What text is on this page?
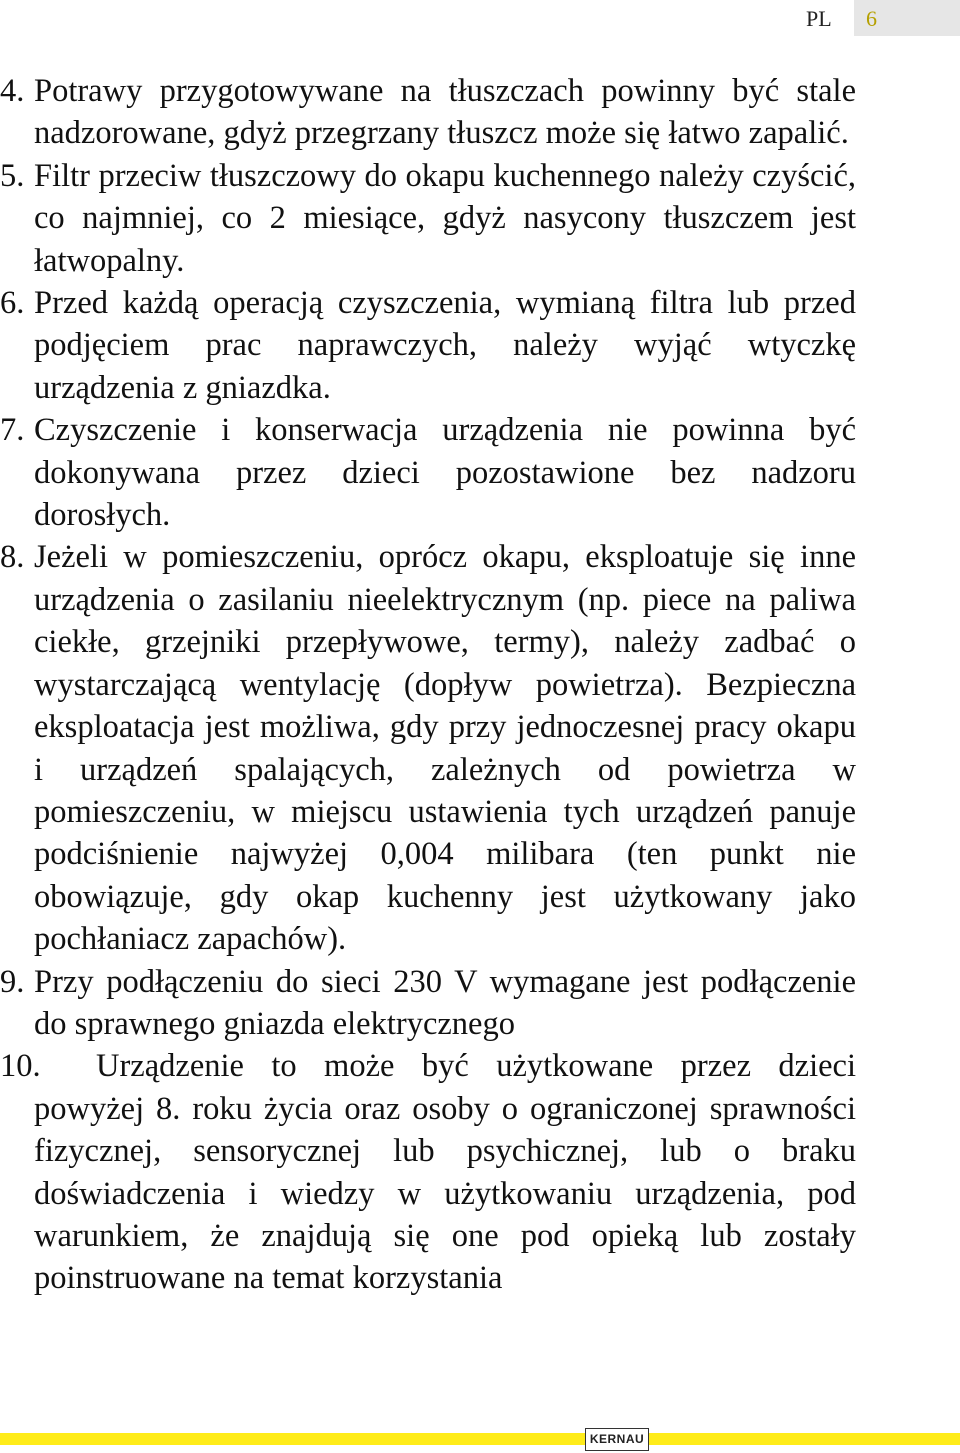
PL 6
4. Potrawy przygotowywane na tłuszczach powinny być stale nadzorowane, gdyż przegrzany tłuszcz może się łatwo zapalić.
5. Filtr przeciw tłuszczowy do okapu kuchennego należy czyścić, co najmniej, co 2 miesiące, gdyż nasycony tłuszczem jest łatwopalny.
6. Przed każdą operacją czyszczenia, wymianą filtra lub przed podjęciem prac naprawczych, należy wyjąć wtyczkę urządzenia z gniazdka.
7. Czyszczenie i konserwacja urządzenia nie powinna być dokonywana przez dzieci pozostawione bez nadzoru dorosłych.
8. Jeżeli w pomieszczeniu, oprócz okapu, eksploatuje się inne urządzenia o zasilaniu nieelektrycznym (np. piece na paliwa ciekłe, grzejniki przepływowe, termy), należy zadbać o wystarczającą wentylację (dopływ powietrza). Bezpieczna eksploatacja jest możliwa, gdy przy jednoczesnej pracy okapu i urządzeń spalających, zależnych od powietrza w pomieszczeniu, w miejscu ustawienia tych urządzeń panuje podciśnienie najwyżej 0,004 milibara (ten punkt nie obowiązuje, gdy okap kuchenny jest użytkowany jako pochłaniacz zapachów).
9. Przy podłączeniu do sieci 230 V wymagane jest podłączenie do sprawnego gniazda elektrycznego
10. Urządzenie to może być użytkowane przez dzieci powyżej 8. roku życia oraz osoby o ograniczonej sprawności fizycznej, sensorycznej lub psychicznej, lub o braku doświadczenia i wiedzy w użytkowaniu urządzenia, pod warunkiem, że znajdują się one pod opieką lub zostały poinstruowane na temat korzystania
KERNAU
